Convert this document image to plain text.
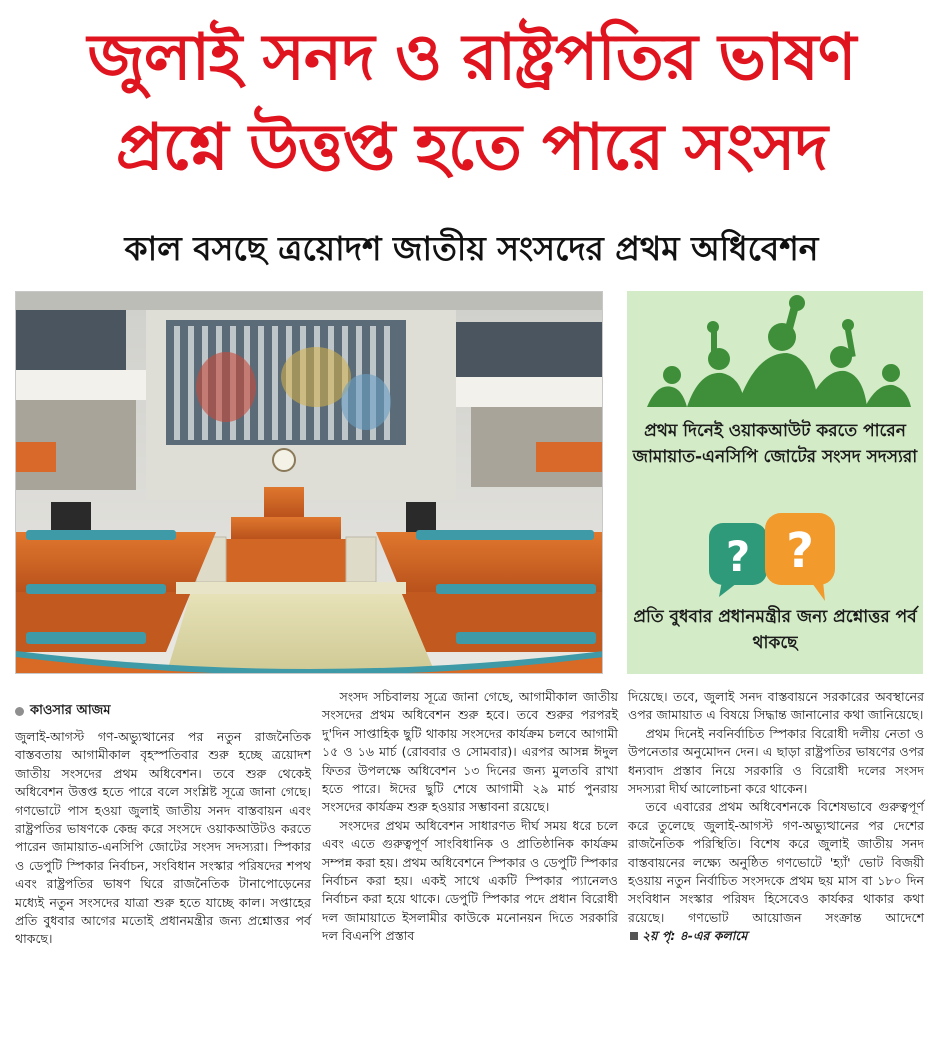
জুলাই সনদ ও রাষ্ট্রপতির ভাষণ
প্রশ্নে উত্তপ্ত হতে পারে সংসদ
কাল বসছে ত্রয়োদশ জাতীয় সংসদের প্রথম অধিবেশন
? ?
প্রথম দিনেই ওয়াকআউট করতে পারেন জামায়াত-এনসিপি জোটের সংসদ সদস্যরা
প্রতি বুধবার প্রধানমন্ত্রীর জন্য প্রশ্নোত্তর পর্ব থাকছে
কাওসার আজম

জুলাই-আগস্ট গণ-অভ্যুত্থানের পর নতুন রাজনৈতিক বাস্তবতায় আগামীকাল বৃহস্পতিবার শুরু হচ্ছে ত্রয়োদশ জাতীয় সংসদের প্রথম অধিবেশন। তবে শুরু থেকেই অধিবেশন উত্তপ্ত হতে পারে বলে সংশ্লিষ্ট সূত্রে জানা গেছে। গণভোটে পাস হওয়া জুলাই জাতীয় সনদ বাস্তবায়ন এবং রাষ্ট্রপতির ভাষণকে কেন্দ্র করে সংসদে ওয়াকআউটও করতে পারেন জামায়াত-এনসিপি জোটের সংসদ সদস্যরা। স্পিকার ও ডেপুটি স্পিকার নির্বাচন, সংবিধান সংস্কার পরিষদের শপথ এবং রাষ্ট্রপতির ভাষণ ঘিরে রাজনৈতিক টানাপোড়েনের মধ্যেই নতুন সংসদের যাত্রা শুরু হতে যাচ্ছে কাল। সপ্তাহের প্রতি বুধবার আগের মতোই প্রধানমন্ত্রীর জন্য প্রশ্নোত্তর পর্ব থাকছে।

সংসদ সচিবালয় সূত্রে জানা গেছে, আগামীকাল জাতীয় সংসদের প্রথম অধিবেশন শুরু হবে। তবে শুরুর পরপরই দু'দিন সাপ্তাহিক ছুটি থাকায় সংসদের কার্যক্রম চলবে আগামী ১৫ ও ১৬ মার্চ (রোববার ও সোমবার)। এরপর আসন্ন ঈদুল ফিতর উপলক্ষে অধিবেশন ১৩ দিনের জন্য মুলতবি রাখা হতে পারে। ঈদের ছুটি শেষে আগামী ২৯ মার্চ পুনরায় সংসদের কার্যক্রম শুরু হওয়ার সম্ভাবনা রয়েছে।

সংসদের প্রথম অধিবেশন সাধারণত দীর্ঘ সময় ধরে চলে এবং এতে গুরুত্বপূর্ণ সাংবিধানিক ও প্রাতিষ্ঠানিক কার্যক্রম সম্পন্ন করা হয়। প্রথম অধিবেশনে স্পিকার ও ডেপুটি স্পিকার নির্বাচন করা হয়। একই সাথে একটি স্পিকার প্যানেলও নির্বাচন করা হয়ে থাকে। ডেপুটি স্পিকার পদে প্রধান বিরোধী দল জামায়াতে ইসলামীর কাউকে মনোনয়ন দিতে সরকারি দল বিএনপি প্রস্তাব

দিয়েছে। তবে, জুলাই সনদ বাস্তবায়নে সরকারের অবস্থানের ওপর জামায়াত এ বিষয়ে সিদ্ধান্ত জানানোর কথা জানিয়েছে।

প্রথম দিনেই নবনির্বাচিত স্পিকার বিরোধী দলীয় নেতা ও উপনেতার অনুমোদন দেন। এ ছাড়া রাষ্ট্রপতির ভাষণের ওপর ধন্যবাদ প্রস্তাব নিয়ে সরকারি ও বিরোধী দলের সংসদ সদস্যরা দীর্ঘ আলোচনা করে থাকেন।

তবে এবারের প্রথম অধিবেশনকে বিশেষভাবে গুরুত্বপূর্ণ করে তুলেছে জুলাই-আগস্ট গণ-অভ্যুত্থানের পর দেশের রাজনৈতিক পরিস্থিতি। বিশেষ করে জুলাই জাতীয় সনদ বাস্তবায়নের লক্ষ্যে অনুষ্ঠিত গণভোটে 'হ্যাঁ' ভোট বিজয়ী হওয়ায় নতুন নির্বাচিত সংসদকে প্রথম ছয় মাস বা ১৮০ দিন সংবিধান সংস্কার পরিষদ হিসেবেও কার্যকর থাকার কথা রয়েছে। গণভোট আয়োজন সংক্রান্ত আদেশে ২য় পৃ: ৪-এর কলামে
